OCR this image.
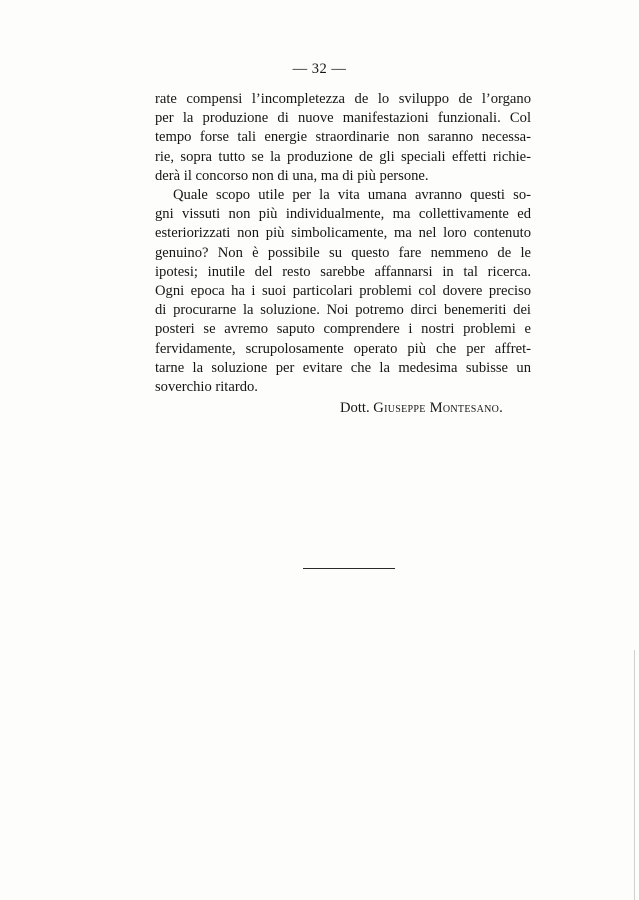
— 32 —
rate compensi l’incompletezza de lo sviluppo de l’organo
per la produzione di nuove manifestazioni funzionali. Col
tempo forse tali energie straordinarie non saranno necessa-
rie, sopra tutto se la produzione de gli speciali effetti richie-
derà il concorso non di una, ma di più persone.
Quale scopo utile per la vita umana avranno questi so-
gni vissuti non più individualmente, ma collettivamente ed
esteriorizzati non più simbolicamente, ma nel loro contenuto
genuino? Non è possibile su questo fare nemmeno de le
ipotesi; inutile del resto sarebbe affannarsi in tal ricerca.
Ogni epoca ha i suoi particolari problemi col dovere preciso
di procurarne la soluzione. Noi potremo dirci benemeriti dei
posteri se avremo saputo comprendere i nostri problemi e
fervidamente, scrupolosamente operato più che per affret-
tarne la soluzione per evitare che la medesima subisse un
soverchio ritardo.
Dott. Giuseppe Montesano.
